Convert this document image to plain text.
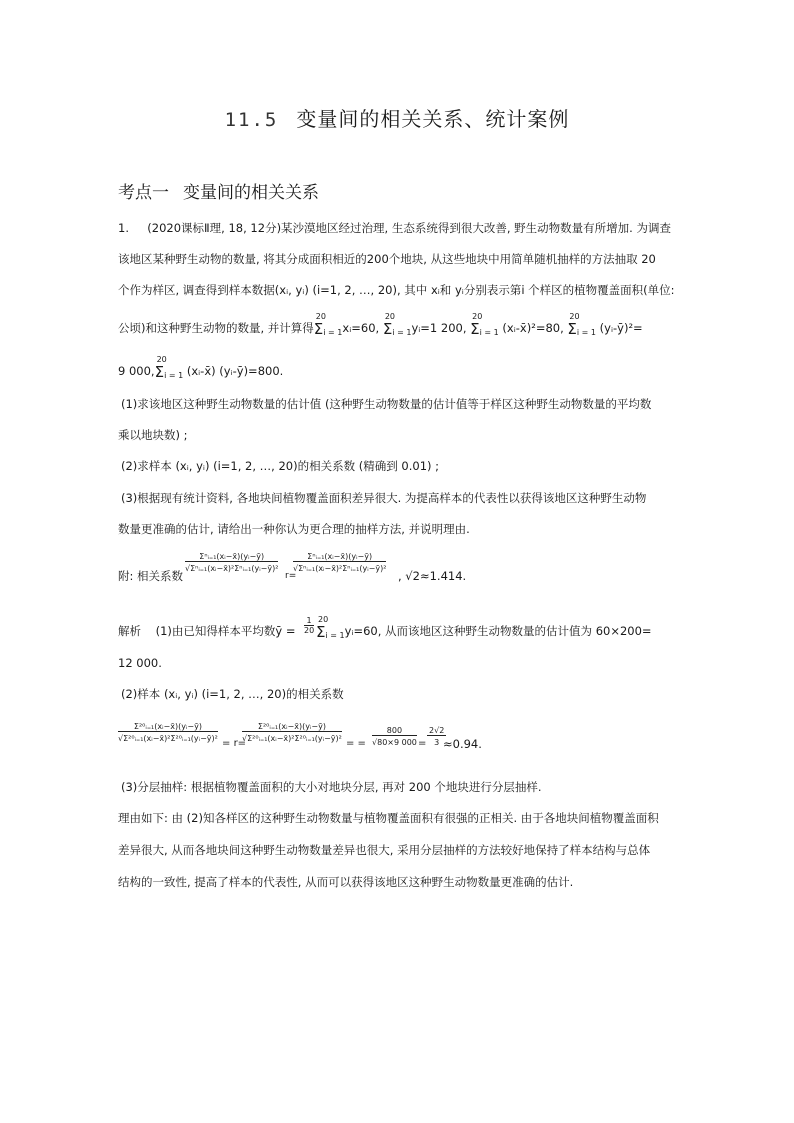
11.5 变量间的相关关系、统计案例
考点一 变量间的相关关系
1. (2020课标Ⅱ理, 18, 12分)某沙漠地区经过治理, 生态系统得到很大改善, 野生动物数量有所增加. 为调查
该地区某种野生动物的数量, 将其分成面积相近的200个地块, 从这些地块中用简单随机抽样的方法抽取 20
个作为样区, 调查得到样本数据(xᵢ, yᵢ) (i=1, 2, …, 20), 其中 xᵢ和 yᵢ分别表示第i 个样区的植物覆盖面积(单位:
公顷)和这种野生动物的数量, 并计算得
20
$\Sigma_{i = 1}xᵢ=60$,
20
$\Sigma_{i = 1}yᵢ=1$ 200,
20
$\Sigma_{i = 1}$ (xᵢ-x̄)²=80,
20
$\Sigma_{i = 1}$ (yᵢ-ȳ)²=
9 000,
20
$\Sigma_{i = 1}$ (xᵢ-x̄) (yᵢ-ȳ)=800.
(1)求该地区这种野生动物数量的估计值 (这种野生动物数量的估计值等于样区这种野生动物数量的平均数
乘以地块数) ;
(2)求样本 (xᵢ, yᵢ) (i=1, 2, …, 20)的相关系数 (精确到 0.01) ;
(3)根据现有统计资料, 各地块间植物覆盖面积差异很大. 为提高样本的代表性以获得该地区这种野生动物
数量更准确的估计, 请给出一种你认为更合理的抽样方法, 并说明理由.
附: 相关系数
Σⁿᵢ₌₁(xᵢ−x̄)(yᵢ−ȳ)
√Σⁿᵢ₌₁(xᵢ−x̄)²Σⁿᵢ₌₁(yᵢ−ȳ)²
r=
Σⁿᵢ₌₁(xᵢ−x̄)(yᵢ−ȳ)
√Σⁿᵢ₌₁(xᵢ−x̄)²Σⁿᵢ₌₁(yᵢ−ȳ)²
, √2≈1.414.
解析 (1)由已知得样本平均数ȳ =
1
20
20
$\Sigma_{i = 1}yᵢ=60$, 从而该地区这种野生动物数量的估计值为 60×200=
12 000.
(2)样本 (xᵢ, yᵢ) (i=1, 2, …, 20)的相关系数
Σ²⁰ᵢ₌₁(xᵢ−x̄)(yᵢ−ȳ)
√Σ²⁰ᵢ₌₁(xᵢ−x̄)²Σ²⁰ᵢ₌₁(yᵢ−ȳ)² = r=
Σ²⁰ᵢ₌₁(xᵢ−x̄)(yᵢ−ȳ)
√Σ²⁰ᵢ₌₁(xᵢ−x̄)²Σ²⁰ᵢ₌₁(yᵢ−ȳ)² = =
800
√80×9 000 =
2√2
3 ≈0.94.
(3)分层抽样: 根据植物覆盖面积的大小对地块分层, 再对 200 个地块进行分层抽样.
理由如下: 由 (2)知各样区的这种野生动物数量与植物覆盖面积有很强的正相关. 由于各地块间植物覆盖面积
差异很大, 从而各地块间这种野生动物数量差异也很大, 采用分层抽样的方法较好地保持了样本结构与总体
结构的一致性, 提高了样本的代表性, 从而可以获得该地区这种野生动物数量更准确的估计.
